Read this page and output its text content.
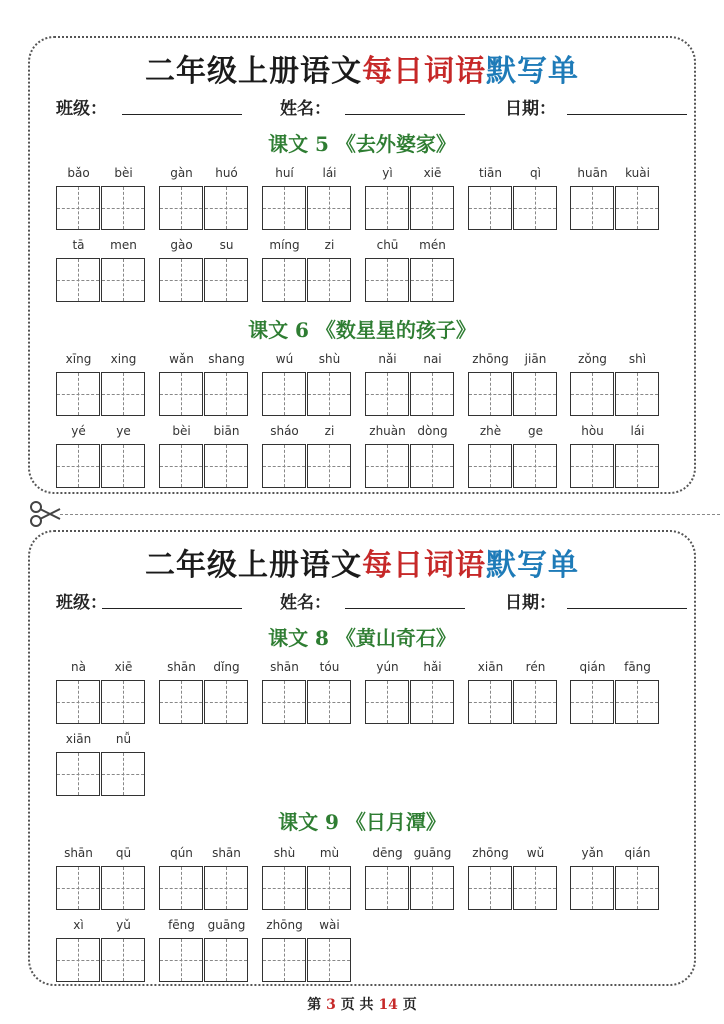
二年级上册语文每日词语默写单
班级：	姓名：	日期：
课文 5 《去外婆家》
课文 6 《数星星的孩子》
bǎo	bèi	gàn	huó	huí	lái	yì	xiē	tiān	qì	huān	kuài
tā	men	gào	su	míng	zi	chū	mén
xīng	xing	wǎn	shang	wú	shù	nǎi	nai	zhōng	jiān	zǒng	shì
yé	ye	bèi	biān	sháo	zi	zhuàn dòng	zhè	ge	hòu	lái
二年级上册语文每日词语默写单
班级：	姓名：	日期：
课文 8 《黄山奇石》
课文 9 《日月潭》
nà	xiē	shān	dǐng	shān	tóu	yún	hǎi	xiān	rén	qián	fāng
xiān	nǚ
shān	qū	qún	shān	shù	mù	dēng guāng	zhōng	wǔ	yǎn	qián
xì	yǔ	fēng	guāng	zhōng	wài
第 3 页 共 14 页
